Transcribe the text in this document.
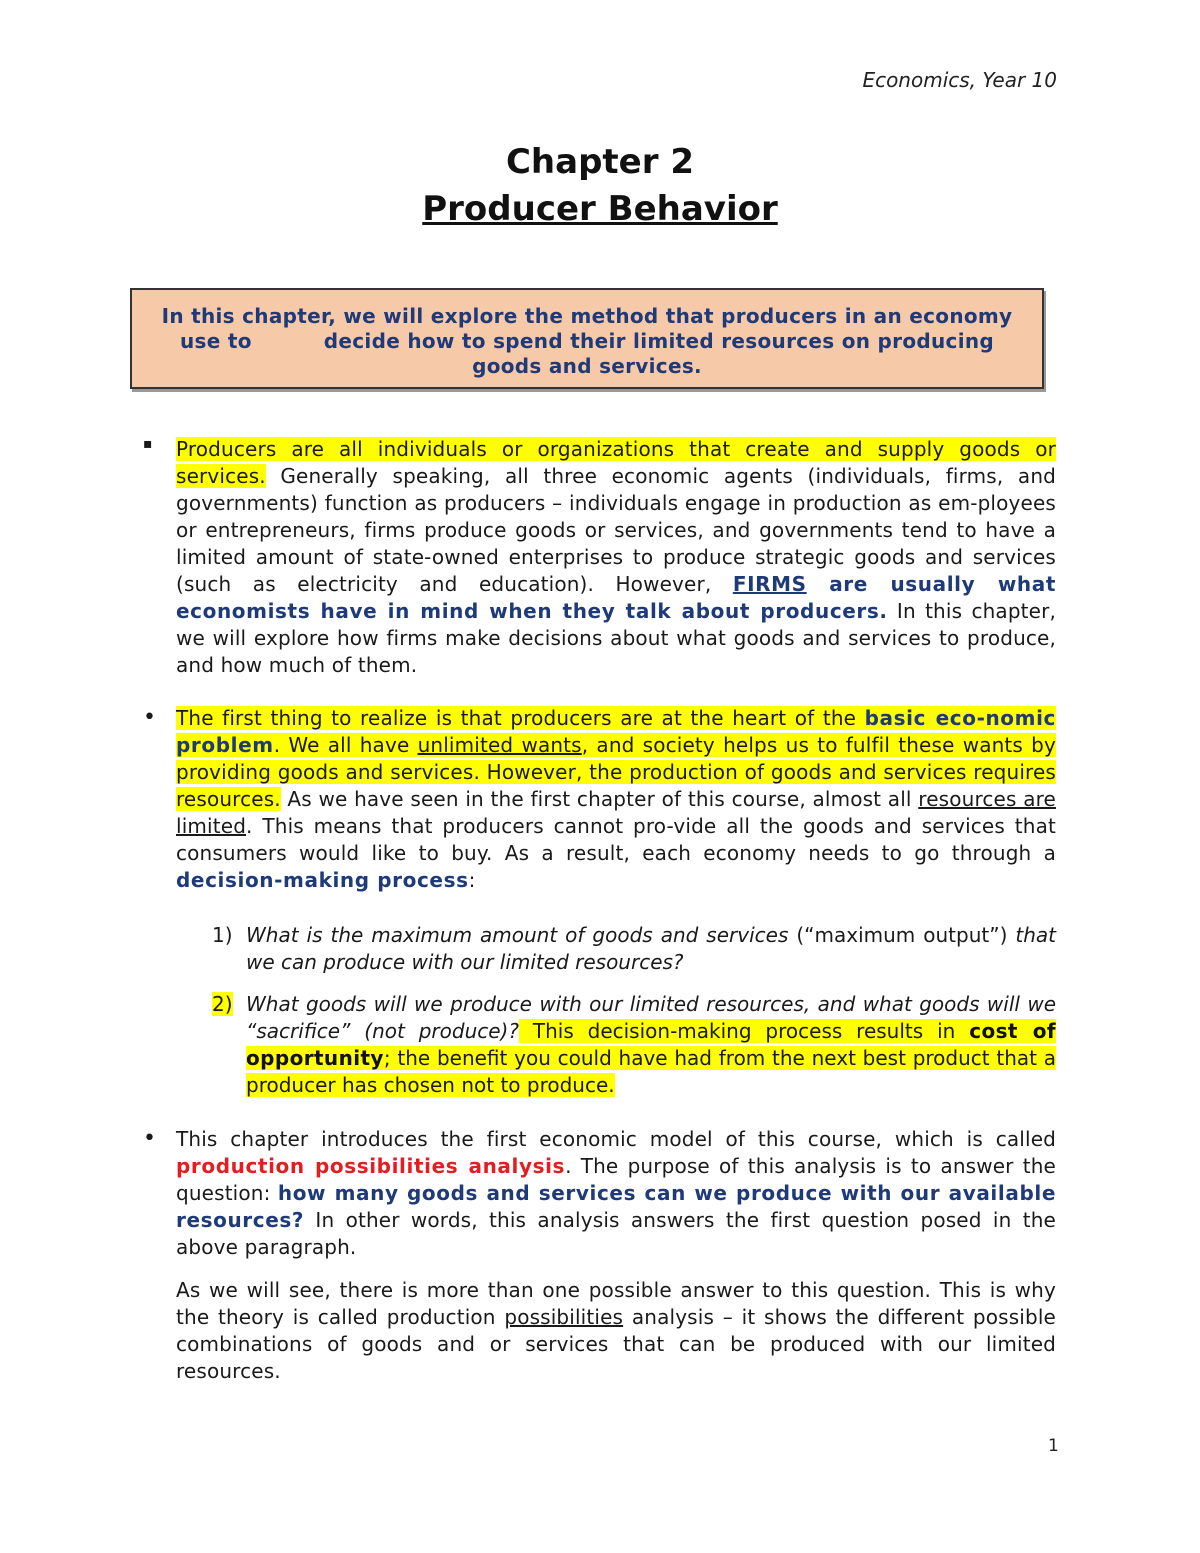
Economics, Year 10
Chapter 2
Producer Behavior
In this chapter, we will explore the method that producers in an economy
use to	decide how to spend their limited resources on producing
goods and services.
▪ Producers are all individuals or organizations that create and supply goods or services. Generally speaking, all three economic agents (individuals, firms, and governments) function as producers – individuals engage in production as em-ployees or entrepreneurs, firms produce goods or services, and governments tend to have a limited amount of state-owned enterprises to produce strategic goods and services (such as electricity and education). However, FIRMS are usually what economists have in mind when they talk about producers. In this chapter, we will explore how firms make decisions about what goods and services to produce, and how much of them.

• The first thing to realize is that producers are at the heart of the basic eco-nomic problem. We all have unlimited wants, and society helps us to fulfil these wants by providing goods and services. However, the production of goods and services requires resources. As we have seen in the first chapter of this course, almost all resources are limited. This means that producers cannot pro-vide all the goods and services that consumers would like to buy. As a result, each economy needs to go through a decision-making process:

1) What is the maximum amount of goods and services (“maximum output”) that we can produce with our limited resources?
2) What goods will we produce with our limited resources, and what goods will we “sacrifice” (not produce)? This decision-making process results in cost of opportunity; the benefit you could have had from the next best product that a producer has chosen not to produce.
• This chapter introduces the first economic model of this course, which is called production possibilities analysis. The purpose of this analysis is to answer the question: how many goods and services can we produce with our available resources? In other words, this analysis answers the first question posed in the above paragraph.

As we will see, there is more than one possible answer to this question. This is why the theory is called production possibilities analysis – it shows the different possible combinations of goods and or services that can be produced with our limited resources.

1
